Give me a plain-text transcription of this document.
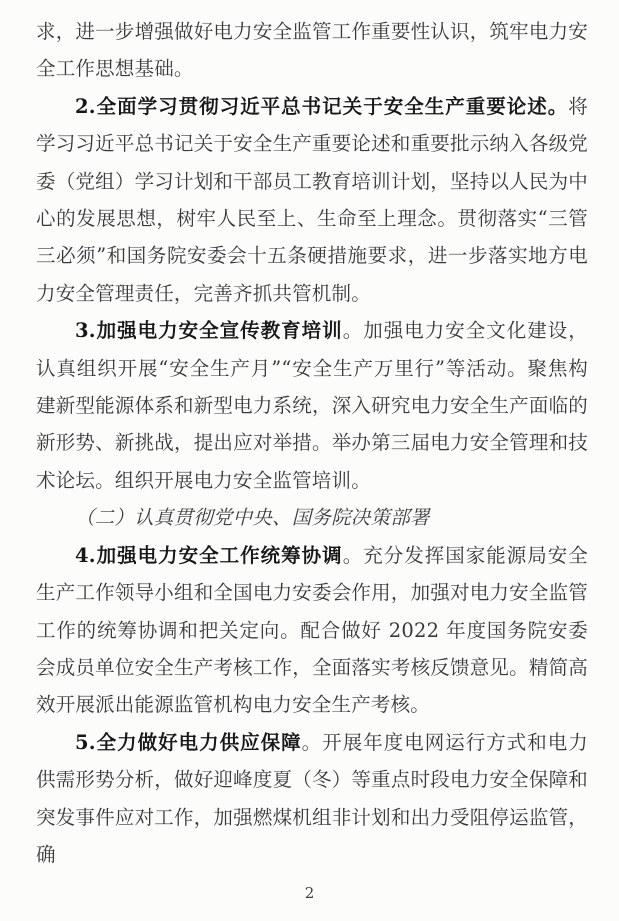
求，进一步增强做好电力安全监管工作重要性认识，筑牢电力安全工作思想基础。

2.全面学习贯彻习近平总书记关于安全生产重要论述。将学习习近平总书记关于安全生产重要论述和重要批示纳入各级党委（党组）学习计划和干部员工教育培训计划，坚持以人民为中心的发展思想，树牢人民至上、生命至上理念。贯彻落实“三管三必须”和国务院安委会十五条硬措施要求，进一步落实地方电力安全管理责任，完善齐抓共管机制。

3.加强电力安全宣传教育培训。加强电力安全文化建设，认真组织开展“安全生产月”“安全生产万里行”等活动。聚焦构建新型能源体系和新型电力系统，深入研究电力安全生产面临的新形势、新挑战，提出应对举措。举办第三届电力安全管理和技术论坛。组织开展电力安全监管培训。

（二）认真贯彻党中央、国务院决策部署

4.加强电力安全工作统筹协调。充分发挥国家能源局安全生产工作领导小组和全国电力安委会作用，加强对电力安全监管工作的统筹协调和把关定向。配合做好 2022 年度国务院安委会成员单位安全生产考核工作，全面落实考核反馈意见。精简高效开展派出能源监管机构电力安全生产考核。

5.全力做好电力供应保障。开展年度电网运行方式和电力供需形势分析，做好迎峰度夏（冬）等重点时段电力安全保障和突发事件应对工作，加强燃煤机组非计划和出力受阻停运监管，确

2
